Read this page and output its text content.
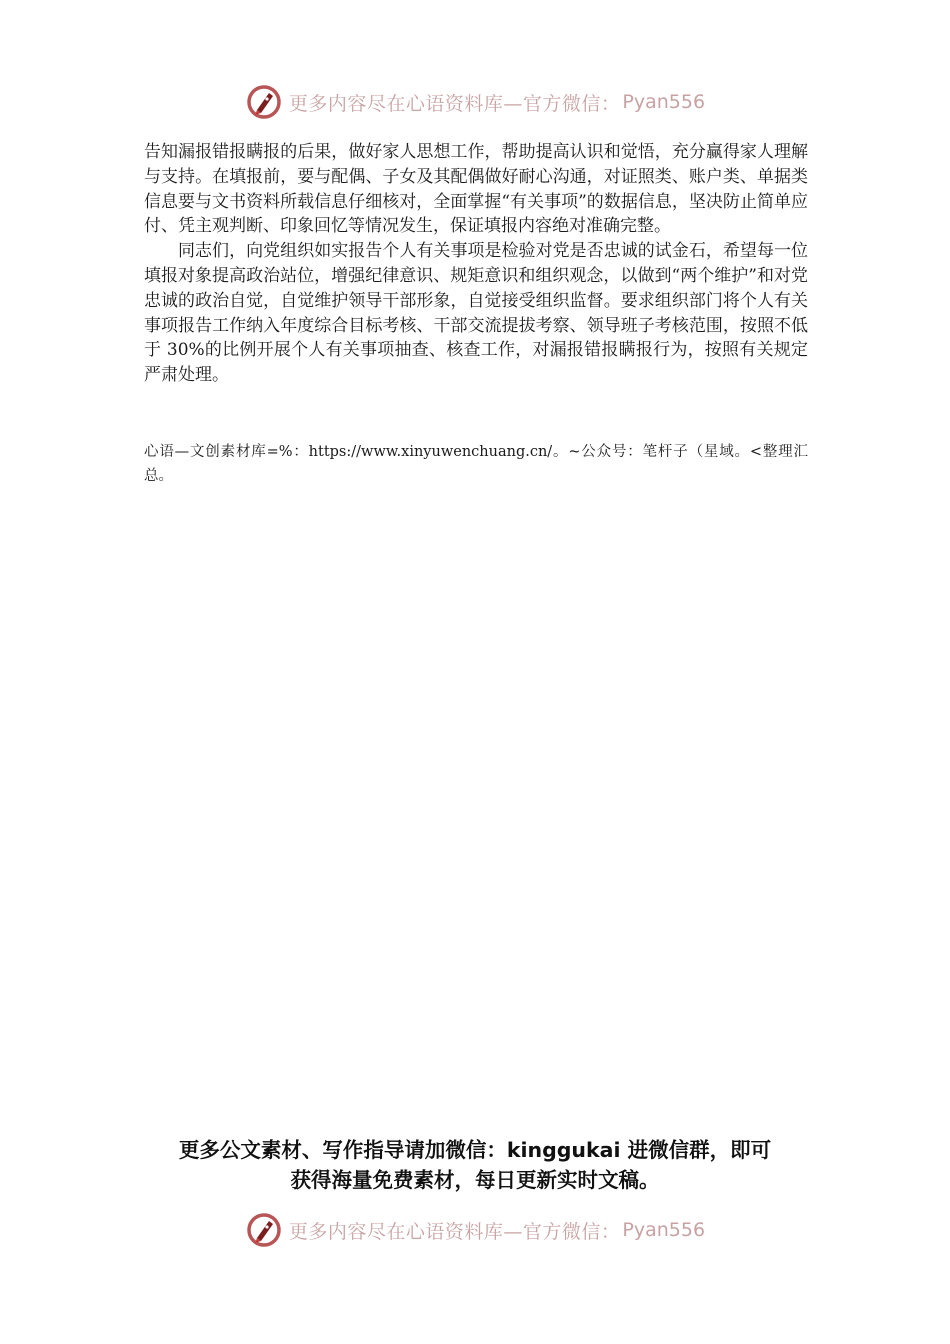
更多内容尽在心语资料库—官方微信： Pyan556

告知漏报错报瞒报的后果，做好家人思想工作，帮助提高认识和觉悟，充分赢得家人理解与支持。在填报前，要与配偶、子女及其配偶做好耐心沟通，对证照类、账户类、单据类信息要与文书资料所载信息仔细核对，全面掌握“有关事项”的数据信息，坚决防止简单应付、凭主观判断、印象回忆等情况发生，保证填报内容绝对准确完整。

同志们，向党组织如实报告个人有关事项是检验对党是否忠诚的试金石，希望每一位填报对象提高政治站位，增强纪律意识、规矩意识和组织观念，以做到“两个维护”和对党忠诚的政治自觉，自觉维护领导干部形象，自觉接受组织监督。要求组织部门将个人有关事项报告工作纳入年度综合目标考核、干部交流提拔考察、领导班子考核范围，按照不低于 30%的比例开展个人有关事项抽查、核查工作，对漏报错报瞒报行为，按照有关规定严肃处理。

心语—文创素材库=%：https://www.xinyuwenchuang.cn/。~公众号：笔杆子（星域。<整理汇总。
更多公文素材、写作指导请加微信：kinggukai 进微信群，即可
获得海量免费素材，每日更新实时文稿。
更多内容尽在心语资料库—官方微信： Pyan556
